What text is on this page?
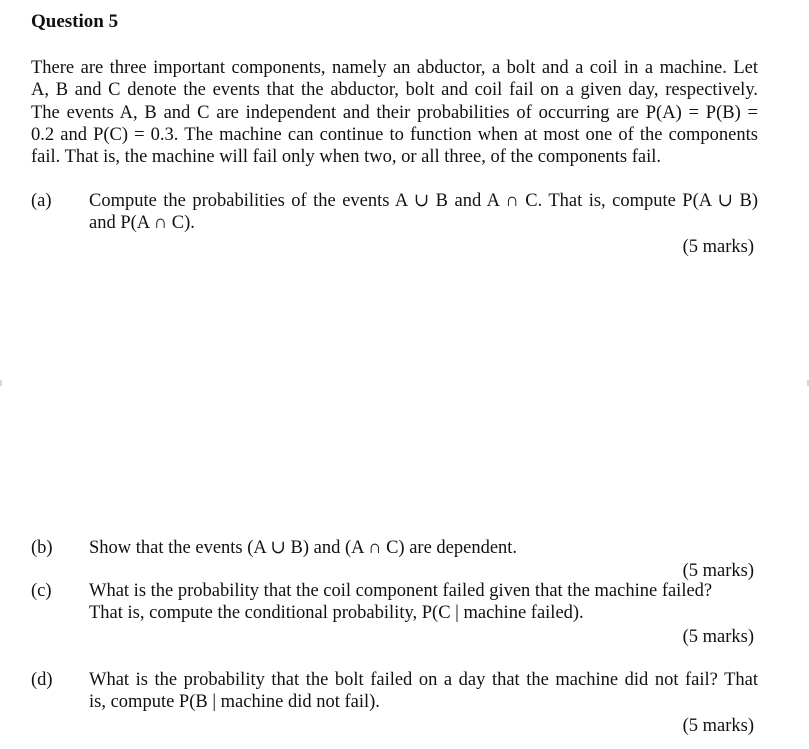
Question 5
There are three important components, namely an abductor, a bolt and a coil in a machine. Let
A, B and C denote the events that the abductor, bolt and coil fail on a given day, respectively.
The events A, B and C are independent and their probabilities of occurring are P(A) = P(B) =
0.2 and P(C) = 0.3. The machine can continue to function when at most one of the components
fail. That is, the machine will fail only when two, or all three, of the components fail.
(a) Compute the probabilities of the events A ∪ B and A ∩ C. That is, compute P(A ∪ B)
and P(A ∩ C).
(5 marks)
(b) Show that the events (A ∪ B) and (A ∩ C) are dependent.
(5 marks)
(c) What is the probability that the coil component failed given that the machine failed?
That is, compute the conditional probability, P(C | machine failed).
(5 marks)
(d) What is the probability that the bolt failed on a day that the machine did not fail? That
is, compute P(B | machine did not fail).
(5 marks)
